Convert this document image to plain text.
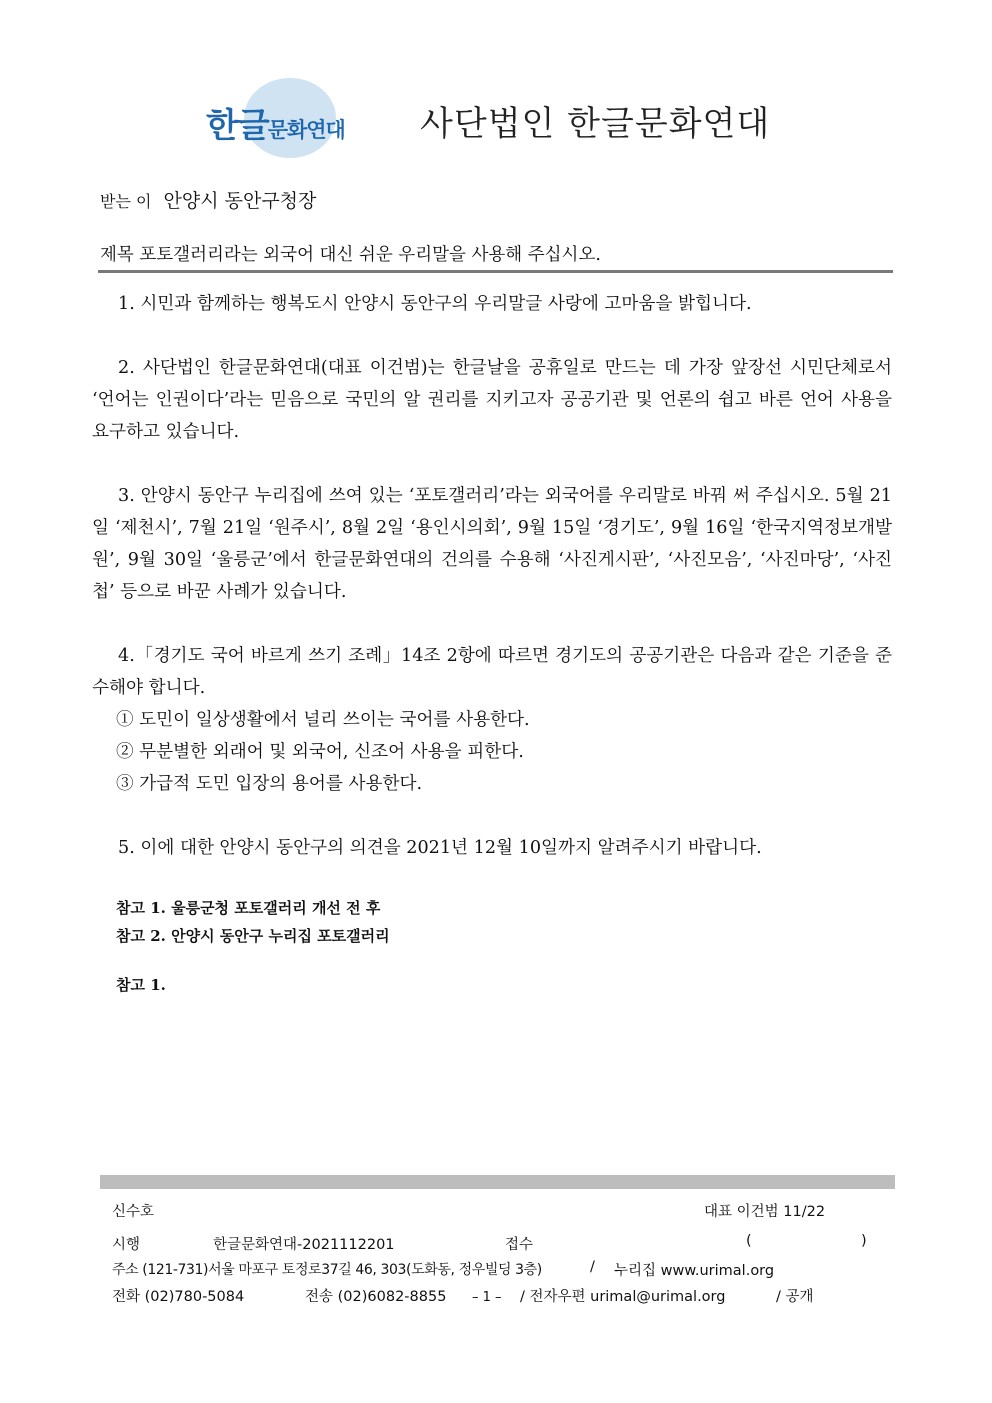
한글문화연대 사단법인 한글문화연대
받는 이 안양시 동안구청장
제목 포토갤러리라는 외국어 대신 쉬운 우리말을 사용해 주십시오.

1. 시민과 함께하는 행복도시 안양시 동안구의 우리말글 사랑에 고마움을 밝힙니다.

2. 사단법인 한글문화연대(대표 이건범)는 한글날을 공휴일로 만드는 데 가장 앞장선 시민단체로서 ‘언어는 인권이다’라는 믿음으로 국민의 알 권리를 지키고자 공공기관 및 언론의 쉽고 바른 언어 사용을 요구하고 있습니다.

3. 안양시 동안구 누리집에 쓰여 있는 ‘포토갤러리’라는 외국어를 우리말로 바꿔 써 주십시오. 5월 21일 ‘제천시’, 7월 21일 ‘원주시’, 8월 2일 ‘용인시의회’, 9월 15일 ‘경기도’, 9월 16일 ‘한국지역정보개발원’, 9월 30일 ‘울릉군’에서 한글문화연대의 건의를 수용해 ‘사진게시판’, ‘사진모음’, ‘사진마당’, ‘사진첩’ 등으로 바꾼 사례가 있습니다.

4.「경기도 국어 바르게 쓰기 조례」14조 2항에 따르면 경기도의 공공기관은 다음과 같은 기준을 준수해야 합니다.

① 도민이 일상생활에서 널리 쓰이는 국어를 사용한다.
② 무분별한 외래어 및 외국어, 신조어 사용을 피한다.
③ 가급적 도민 입장의 용어를 사용한다.

5. 이에 대한 안양시 동안구의 의견을 2021년 12월 10일까지 알려주시기 바랍니다.

참고 1. 울릉군청 포토갤러리 개선 전 후
참고 2. 안양시 동안구 누리집 포토갤러리
참고 1.
신수호	대표 이건범 11/22
시행	한글문화연대-2021112201	접수	(	)
주소 (121-731)서울 마포구 토정로37길 46, 303(도화동, 정우빌딩 3층)	/ 누리집 www.urimal.org
전화 (02)780-5084	전송 (02)6082-8855 – 1 – / 전자우편 urimal@urimal.org	/ 공개
